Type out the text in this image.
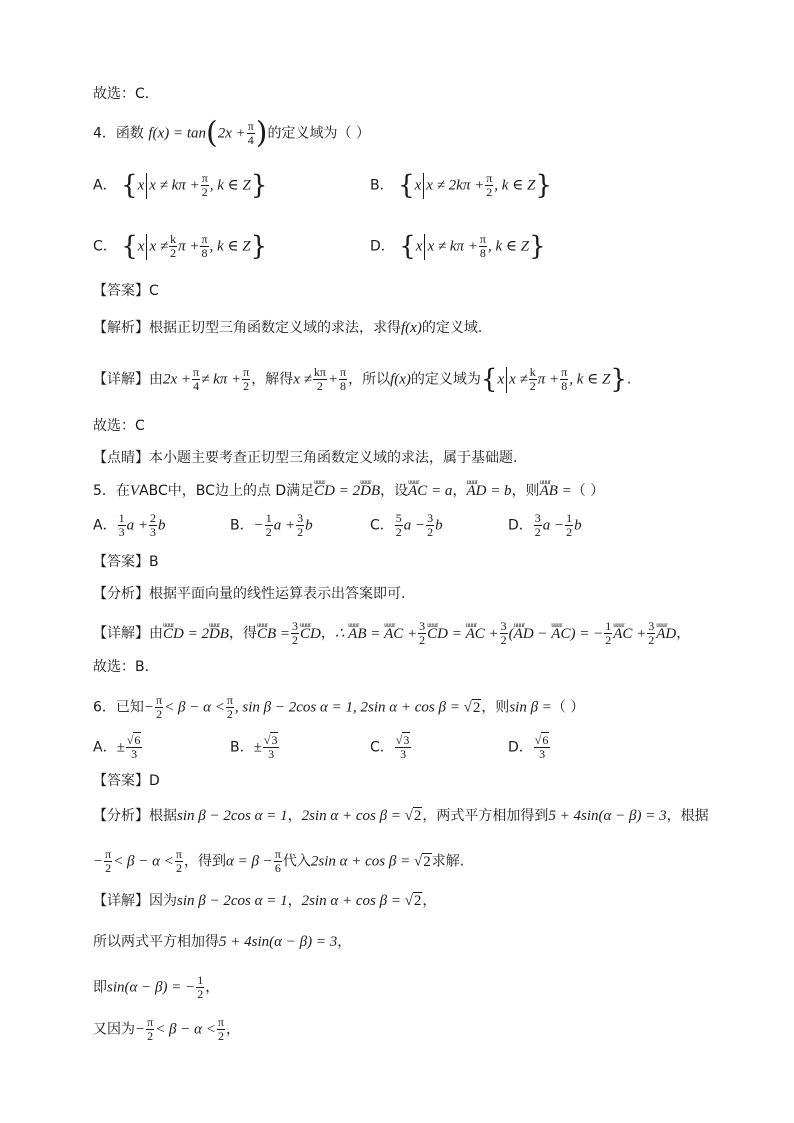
故选：C．
4．函数 $f(x) = \tan(2x + \frac{\pi}{4}$ )的定义域为（ ）
A． {x $x \ne k\pi + \frac{\pi}{2}$ , k ∈ Z}	B． {x $x \ne 2k\pi + \frac{\pi}{2}$ , k ∈ Z}
C． {x $x \ne \frac{k}{2}$ $\pi + \frac{\pi}{8}$ , k ∈ Z}	D． {x $x \ne k\pi + \frac{\pi}{8}$ , k ∈ Z}
【答案】C
【解析】根据正切型三角函数定义域的求法，求得f(x)的定义域.
【详解】由$2x + \frac{\pi}{4} \ne k\pi + \frac{\pi}{2}$ ，解得$x \ne \frac{k\pi}{2} + \frac{\pi}{8}$ ，所以f(x)的定义域为{x $x \ne \frac{k}{2}$ $\pi + \frac{\pi}{8}$ , k ∈ Z}.
故选：C
【点睛】本小题主要考查正切型三角函数定义域的求法，属于基础题.
5．在VABC中，BC边上的点 D满足uuur CD = 2uuur DB，设uuur AC = a，uuur AD = b，则uuur AB =（ ）
A． $\frac{1}{3}$ $a + \frac{2}{3}$ b	B．− $\frac{1}{2}$ $a + \frac{3}{2}$ b	C． $\frac{5}{2}$ $a - \frac{3}{2}$ b	D． $\frac{3}{2}$ $a - \frac{1}{2}$ b
【答案】B
【分析】根据平面向量的线性运算表示出答案即可.
【详解】由uuur CD = 2uuur DB，得uuur CB = $\frac{3}{2}$ uuur CD，∴ uuur AB = uuur AC + $\frac{3}{2}$ uuur CD = uuur AC + $\frac{3}{2}$ (uuur AD − uuur AC) = − $\frac{1}{2}$ uuur AC + $\frac{3}{2}$ uuur AD，
故选：B.
6．已知− $\frac{\pi}{2} < \beta - \alpha < \frac{\pi}{2}$ , sin β − 2cos α = 1, 2sin α + cos β = √2，则sin β =（ ）
A．± $\frac{√6}{3}$	B．± $\frac{√3}{3}$	C． $\frac{√3}{3}$	D． $\frac{√6}{3}$
【答案】D
【分析】根据sin β − 2cos α = 1，2sin α + cos β = √2，两式平方相加得到5 + 4sin(α − β) = 3，根据
− $\frac{\pi}{2} < \beta - \alpha < \frac{\pi}{2}$ ，得到$\alpha = \beta - \frac{\pi}{6}$ 代入2sin α + cos β = √2求解.
【详解】因为sin β − 2cos α = 1，2sin α + cos β = √2，
所以两式平方相加得5 + 4sin(α − β) = 3，
即sin(α − β) = − $\frac{1}{2}$ ，
又因为− $\frac{\pi}{2} < \beta - \alpha < \frac{\pi}{2}$ ，
